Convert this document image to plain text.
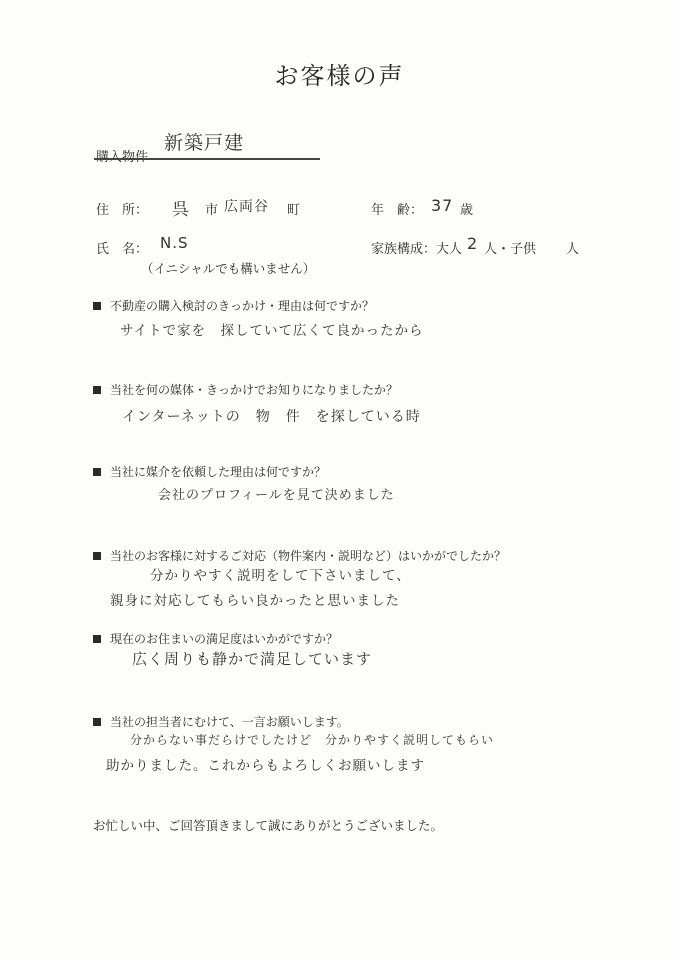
お客様の声
新築戸建
住　所： 呉 市 広両谷 町	年　齢： 37 歳
氏　名： N.S
（イニシャルでも構いません）
家族構成：大人 2 人・子供 人
不動産の購入検討のきっかけ・理由は何ですか？
サイトで家を　探していて広くて良かったから
当社を何の媒体・きっかけでお知りになりましたか？
インターネットの　物　件　を探している時
当社に媒介を依頼した理由は何ですか？
会社のプロフィールを見て決めました
当社のお客様に対するご対応（物件案内・説明など）はいかがでしたか？
分かりやすく説明をして下さいまして、
親身に対応してもらい良かったと思いました
現在のお住まいの満足度はいかがですか？
広く周りも静かで満足しています
当社の担当者にむけて、一言お願いします。
分からない事だらけでしたけど　分かりやすく説明してもらい
助かりました。これからもよろしくお願いします
お忙しい中、ご回答頂きまして誠にありがとうございました。
